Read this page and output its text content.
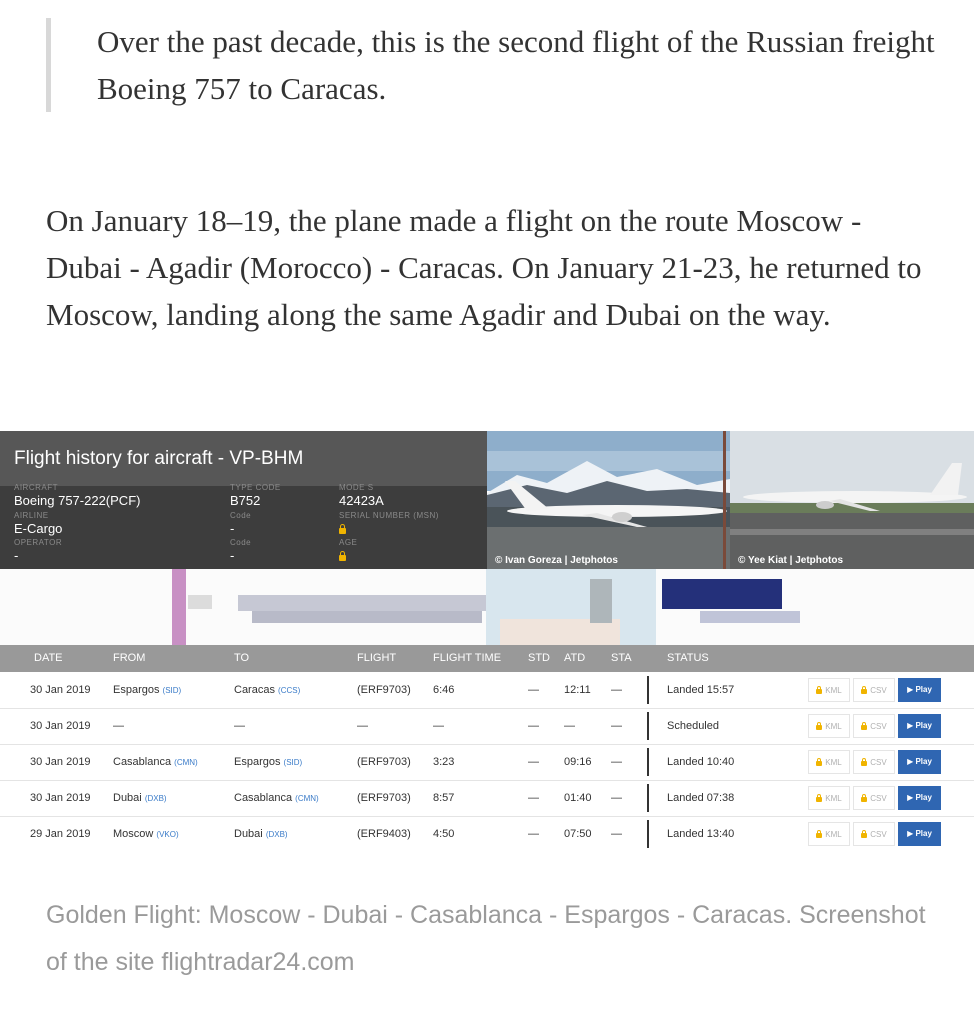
Over the past decade, this is the second flight of the Russian freight Boeing 757 to Caracas.
On January 18–19, the plane made a flight on the route Moscow - Dubai - Agadir (Morocco) - Caracas. On January 21-23, he returned to Moscow, landing along the same Agadir and Dubai on the way.
Flight history for aircraft - VP-BHM
AIRCRAFT
Boeing 757-222(PCF)
TYPE CODE
B752
MODE S
42423A
AIRLINE
E-Cargo
Code
-
SERIAL NUMBER (MSN)
OPERATOR
-
Code
-
AGE
© Ivan Goreza | Jetphotos	© Yee Kiat | Jetphotos
DATE	FROM	TO	FLIGHT	FLIGHT TIME STD ATD STA	STATUS
30 Jan 2019 Espargos (SID)	Caracas (CCS)	(ERF9703) 6:46	— 12:11 —	Landed 15:57	KML	CSV	▶ Play
30 Jan 2019 —	—	—	—	— —	—	Scheduled	KML	CSV	▶ Play
30 Jan 2019 Casablanca (CMN)	Espargos (SID)	(ERF9703) 3:23	— 09:16 —	Landed 10:40	KML	CSV	▶ Play
30 Jan 2019 Dubai (DXB)	Casablanca (CMN)	(ERF9703) 8:57	— 01:40 —	Landed 07:38	KML	CSV	▶ Play
29 Jan 2019 Moscow (VKO)	Dubai (DXB)	(ERF9403) 4:50	— 07:50 —	Landed 13:40	KML	CSV	▶ Play
Golden Flight: Moscow - Dubai - Casablanca - Espargos - Caracas. Screenshot of the site flightradar24.com
